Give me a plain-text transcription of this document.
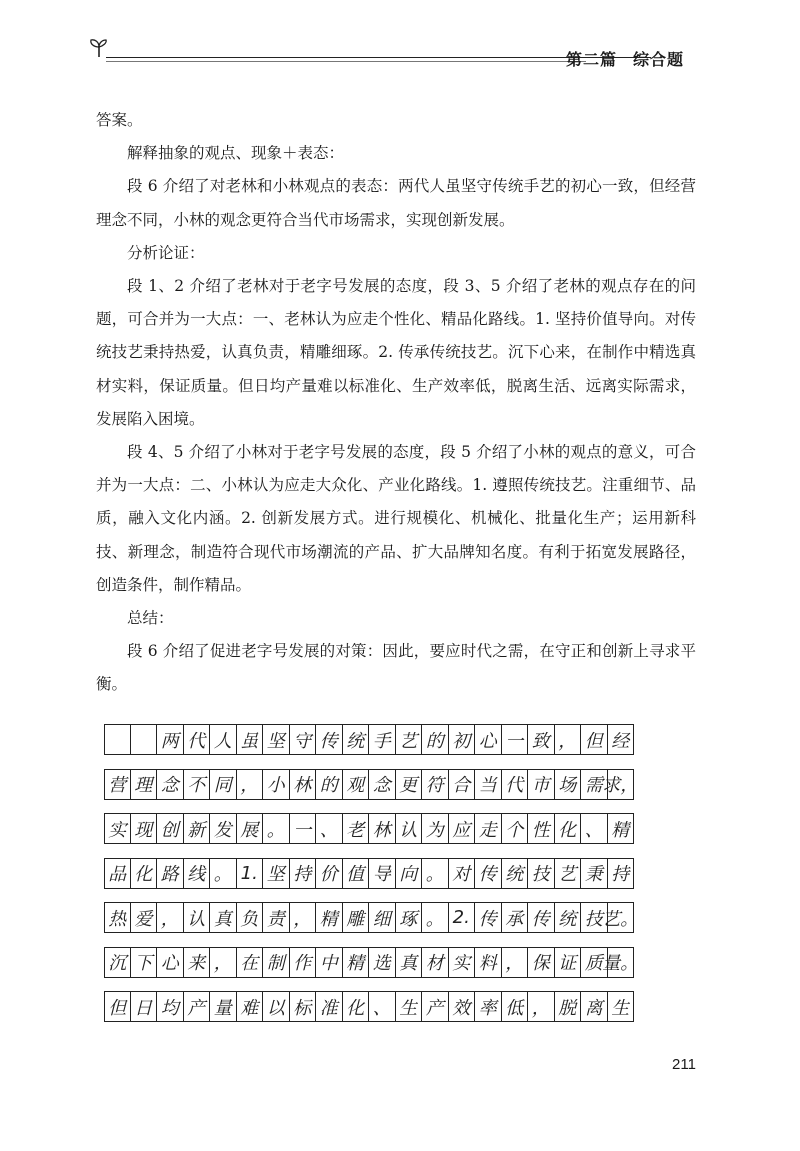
第二篇 综合题

答案。

解释抽象的观点、现象＋表态：

段 6 介绍了对老林和小林观点的表态：两代人虽坚守传统手艺的初心一致，但经营理念不同，小林的观念更符合当代市场需求，实现创新发展。

分析论证：

段 1、2 介绍了老林对于老字号发展的态度，段 3、5 介绍了老林的观点存在的问题，可合并为一大点：一、老林认为应走个性化、精品化路线。1. 坚持价值导向。对传统技艺秉持热爱，认真负责，精雕细琢。2. 传承传统技艺。沉下心来，在制作中精选真材实料，保证质量。但日均产量难以标准化、生产效率低，脱离生活、远离实际需求，发展陷入困境。

段 4、5 介绍了小林对于老字号发展的态度，段 5 介绍了小林的观点的意义，可合并为一大点：二、小林认为应走大众化、产业化路线。1. 遵照传统技艺。注重细节、品质，融入文化内涵。2. 创新发展方式。进行规模化、机械化、批量化生产；运用新科技、新理念，制造符合现代市场潮流的产品、扩大品牌知名度。有利于拓宽发展路径，创造条件，制作精品。

总结：

段 6 介绍了促进老字号发展的对策：因此，要应时代之需，在守正和创新上寻求平衡。

两 代 人 虽 坚 守 传 统 手 艺 的 初 心 一 致 ， 但 经
营 理 念 不 同 ， 小 林 的 观 念 更 符 合 当 代 市 场 需 求，
实 现 创 新 发 展 。 一 、 老 林 认 为 应 走 个 性 化 、 精
品 化 路 线 。 1. 坚 持 价 值 导 向 。 对 传 统 技 艺 秉 持
热 爱 ， 认 真 负 责 ， 精 雕 细 琢 。 2. 传 承 传 统 技 艺。
沉 下 心 来 ， 在 制 作 中 精 选 真 材 实 料 ， 保 证 质 量。
但 日 均 产 量 难 以 标 准 化 、 生 产 效 率 低 ， 脱 离 生
211
